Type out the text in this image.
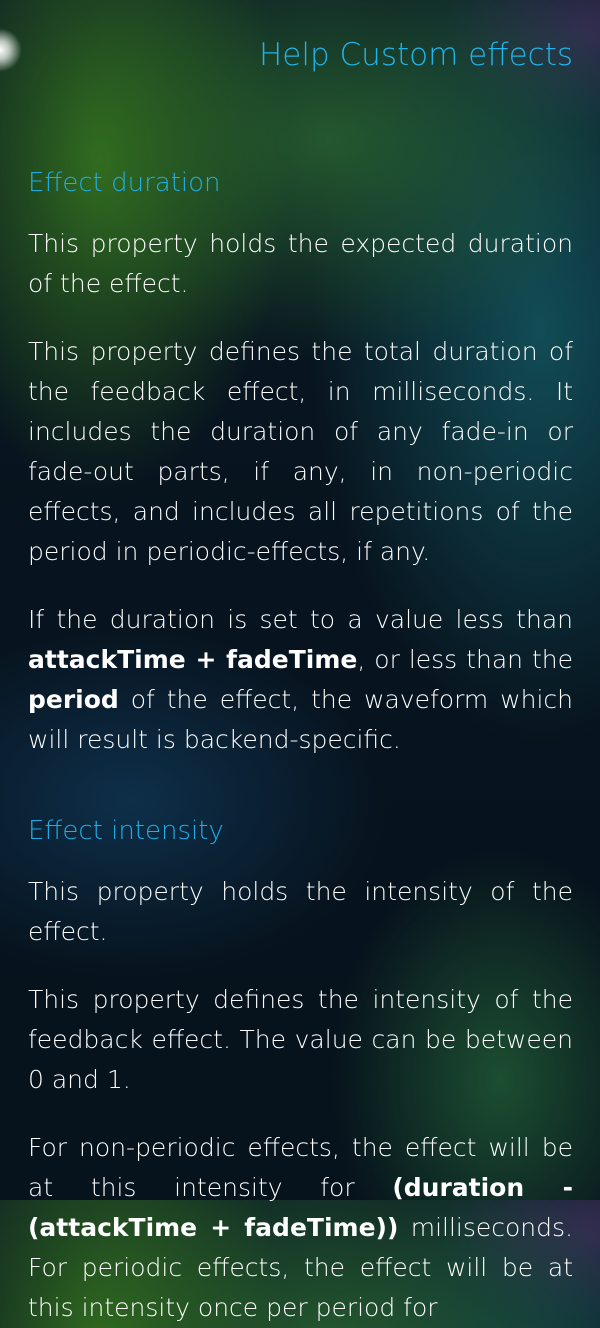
Help Custom effects
Effect duration

This property holds the expected duration of the effect.

This property defines the total duration of the feedback effect, in milliseconds. It includes the duration of any fade-in or fade-out parts, if any, in non-periodic effects, and includes all repetitions of the period in periodic-effects, if any.

If the duration is set to a value less than attackTime + fadeTime, or less than the period of the effect, the waveform which will result is backend-specific.

Effect intensity

This property holds the intensity of the effect.

This property defines the intensity of the feedback effect. The value can be between 0 and 1.

For non-periodic effects, the effect will be at this intensity for (duration - (attackTime + fadeTime)) milliseconds. For periodic effects, the effect will be at this intensity once per period for
